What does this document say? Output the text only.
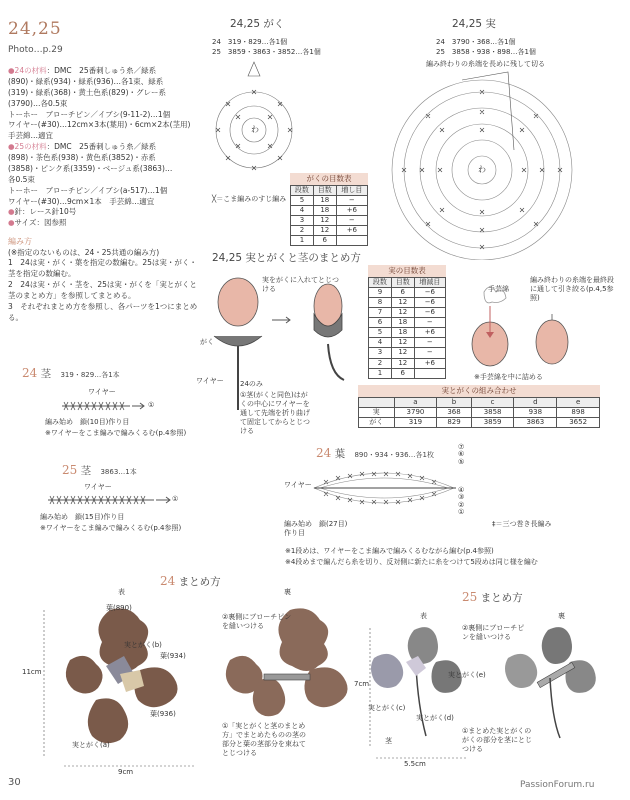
24,25
Photo…p.29
●24の材料：DMC　25番刺しゅう糸／緑系
(890)・緑系(934)・緑系(936)…各1束、緑系
(319)・緑系(368)・黄土色系(829)・グレー系
(3790)…各0.5束
トーホー　ブローチピン／イブシ(9-11-2)…1個
ワイヤー(#30)…12cm×3本(葉用)・6cm×2本(茎用)
手芸綿…適宜
●25の材料：DMC　25番刺しゅう糸／緑系
(898)・茶色系(938)・黄色系(3852)・赤系
(3858)・ピンク系(3359)・ベージュ系(3863)…
各0.5束
トーホー　ブローチピン／イブシ(a-517)…1個
ワイヤー(#30)…9cm×1本　手芸綿…適宜
●針：レース針10号
●サイズ：図参照
編み方
(※指定のないものは、24・25共通の編み方)
1　24は実・がく・葉を指定の数編む。25は実・がく・茎を指定の数編む。
2　24は実・がく・茎を、25は実・がくを「実とがくと茎のまとめ方」を参照してまとめる。
3　それぞれまとめ方を参照し、各パーツを1つにまとめる。
24 茎 319・829…各1本
ワイヤー
①
編み始め　鎖(10目)作り目
※ワイヤーをこま編みで編みくるむ(p.4参照)
25 茎 3863…1本
ワイヤー
①
編み始め　鎖(15目)作り目
※ワイヤーをこま編みで編みくるむ(p.4参照)
24,25 がく
24　319・829…各1個
25　3859・3863・3852…各1個
わ
╳＝こま編みのすじ編み
がくの目数表
段数	目数	増し目
5	18	−
4	18	+6
3	12	−
2	12	+6
1	6	
24,25 実
24　3790・368…各1個
25　3858・938・898…各1個
編み終わりの糸端を長めに残して切る
わ
実の目数表
段数	目数	増減目
9	6	−6
8	12	−6
7	12	−6
6	18	−
5	18	+6
4	12	−
3	12	−
2	12	+6
1	6	
手芸綿
編み終わりの糸端を最終段に通して引き絞る(p.4,5参照)
※手芸綿を中に詰める
24,25 実とがくと茎のまとめ方
実をがくに入れてとじつける
がく
ワイヤー 24のみ
①茎(がくと同色)はがくの中心にワイヤーを通して先端を折り曲げて固定してからとじつける
実とがくの組み合わせ
	a	b	c	d	e
実	3790	368	3858	938	898
がく	319	829	3859	3863	3652
24 葉 890・934・936…各1枚
ワイヤー
⑦
⑥
⑤
④
③
②
①
編み始め　鎖(27目)作り目
‡＝三つ巻き長編み
※1段めは、ワイヤーをこま編みで編みくるむながら編む(p.4参照)
※4段めまで編んだら糸を切り、反対側に新たに糸をつけて5段めは同じ様を編む
24 まとめ方
表	裏
葉(890)
実とがく(b)
葉(934)
葉(936)
実とがく(a)
11cm
9cm
②裏側にブローチピンを縫いつける
①「実とがくと茎のまとめ方」でまとめたものの茎の部分と葉の茎部分を束ねてとじつける
25 まとめ方
表	裏
実とがく(e)
実とがく(c)
実とがく(d)
茎
7cm
5.5cm
②裏側にブローチピンを縫いつける
①まとめた実とがくのがくの部分を茎にとじつける
30	PassionForum.ru
